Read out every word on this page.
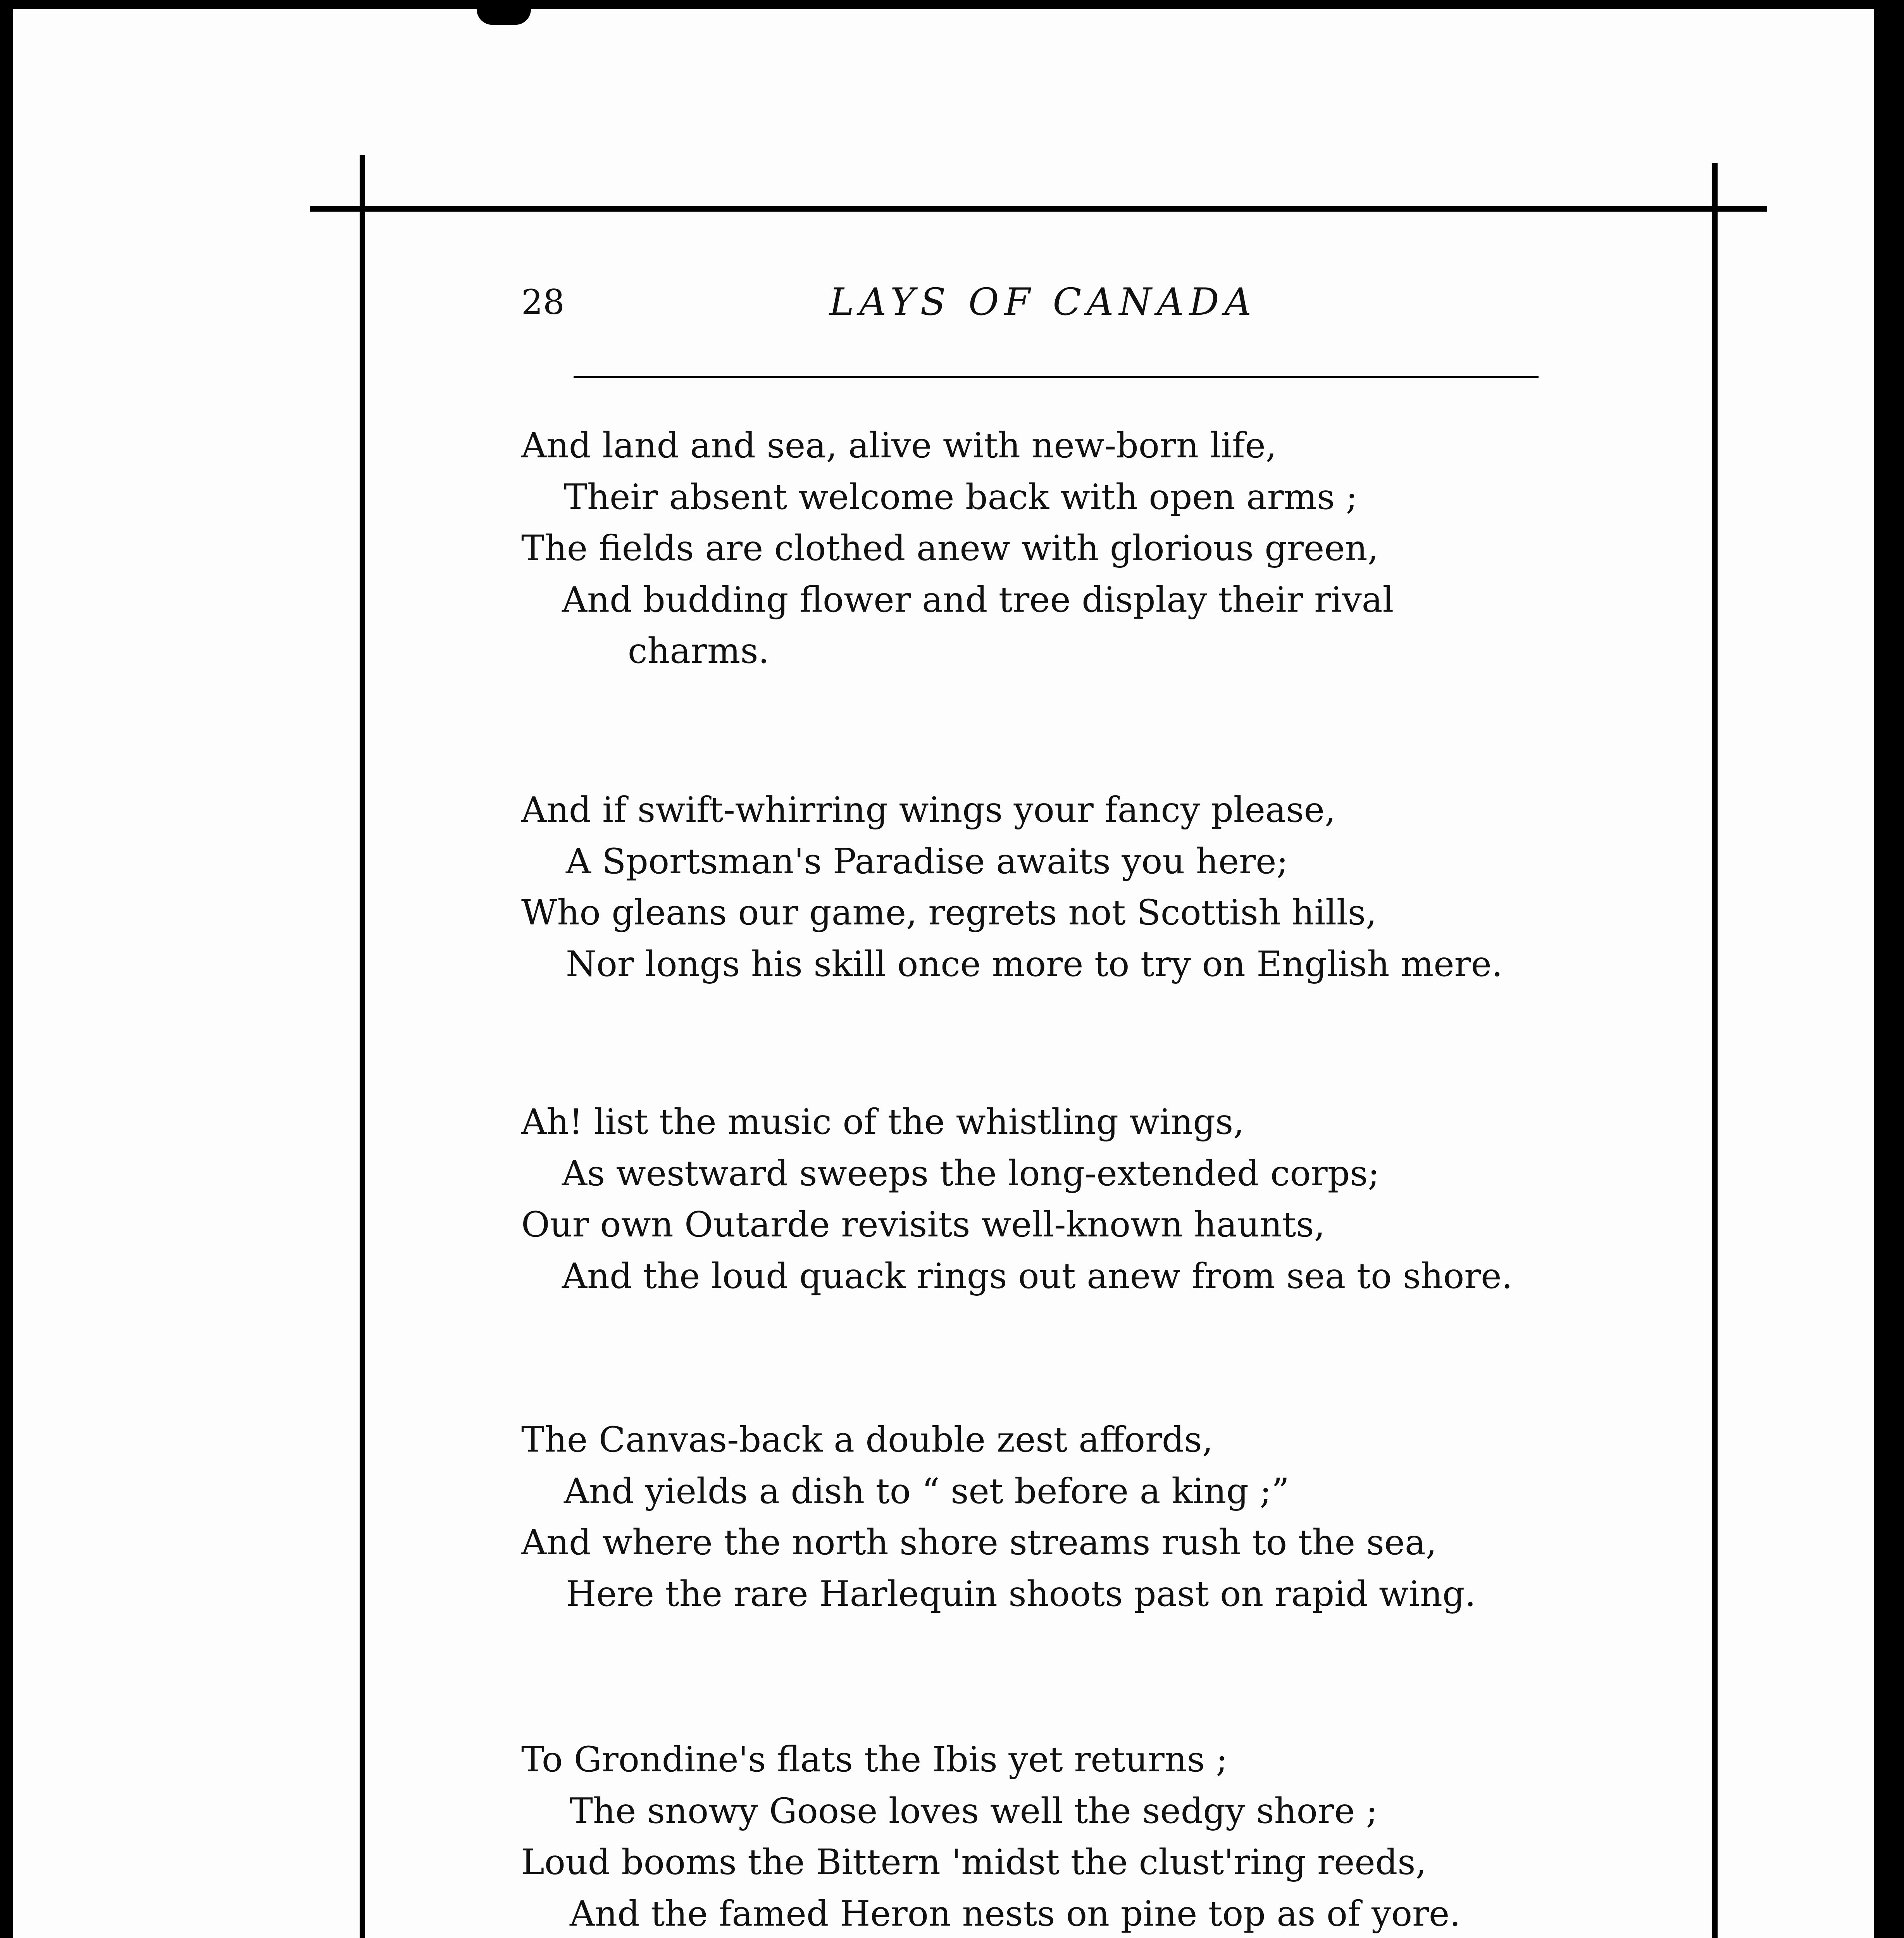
28	LAYS OF CANADA
And land and sea, alive with new-born life,
Their absent welcome back with open arms ;
The fields are clothed anew with glorious green,
And budding flower and tree display their rival
charms.
And if swift-whirring wings your fancy please,
A Sportsman's Paradise awaits you here;
Who gleans our game, regrets not Scottish hills,
Nor longs his skill once more to try on English mere.
Ah! list the music of the whistling wings,
As westward sweeps the long-extended corps;
Our own Outarde revisits well-known haunts,
And the loud quack rings out anew from sea to shore.
The Canvas-back a double zest affords,
And yields a dish to “ set before a king ;”
And where the north shore streams rush to the sea,
Here the rare Harlequin shoots past on rapid wing.
To Grondine's flats the Ibis yet returns ;
The snowy Goose loves well the sedgy shore ;
Loud booms the Bittern 'midst the clust'ring reeds,
And the famed Heron nests on pine top as of yore.
